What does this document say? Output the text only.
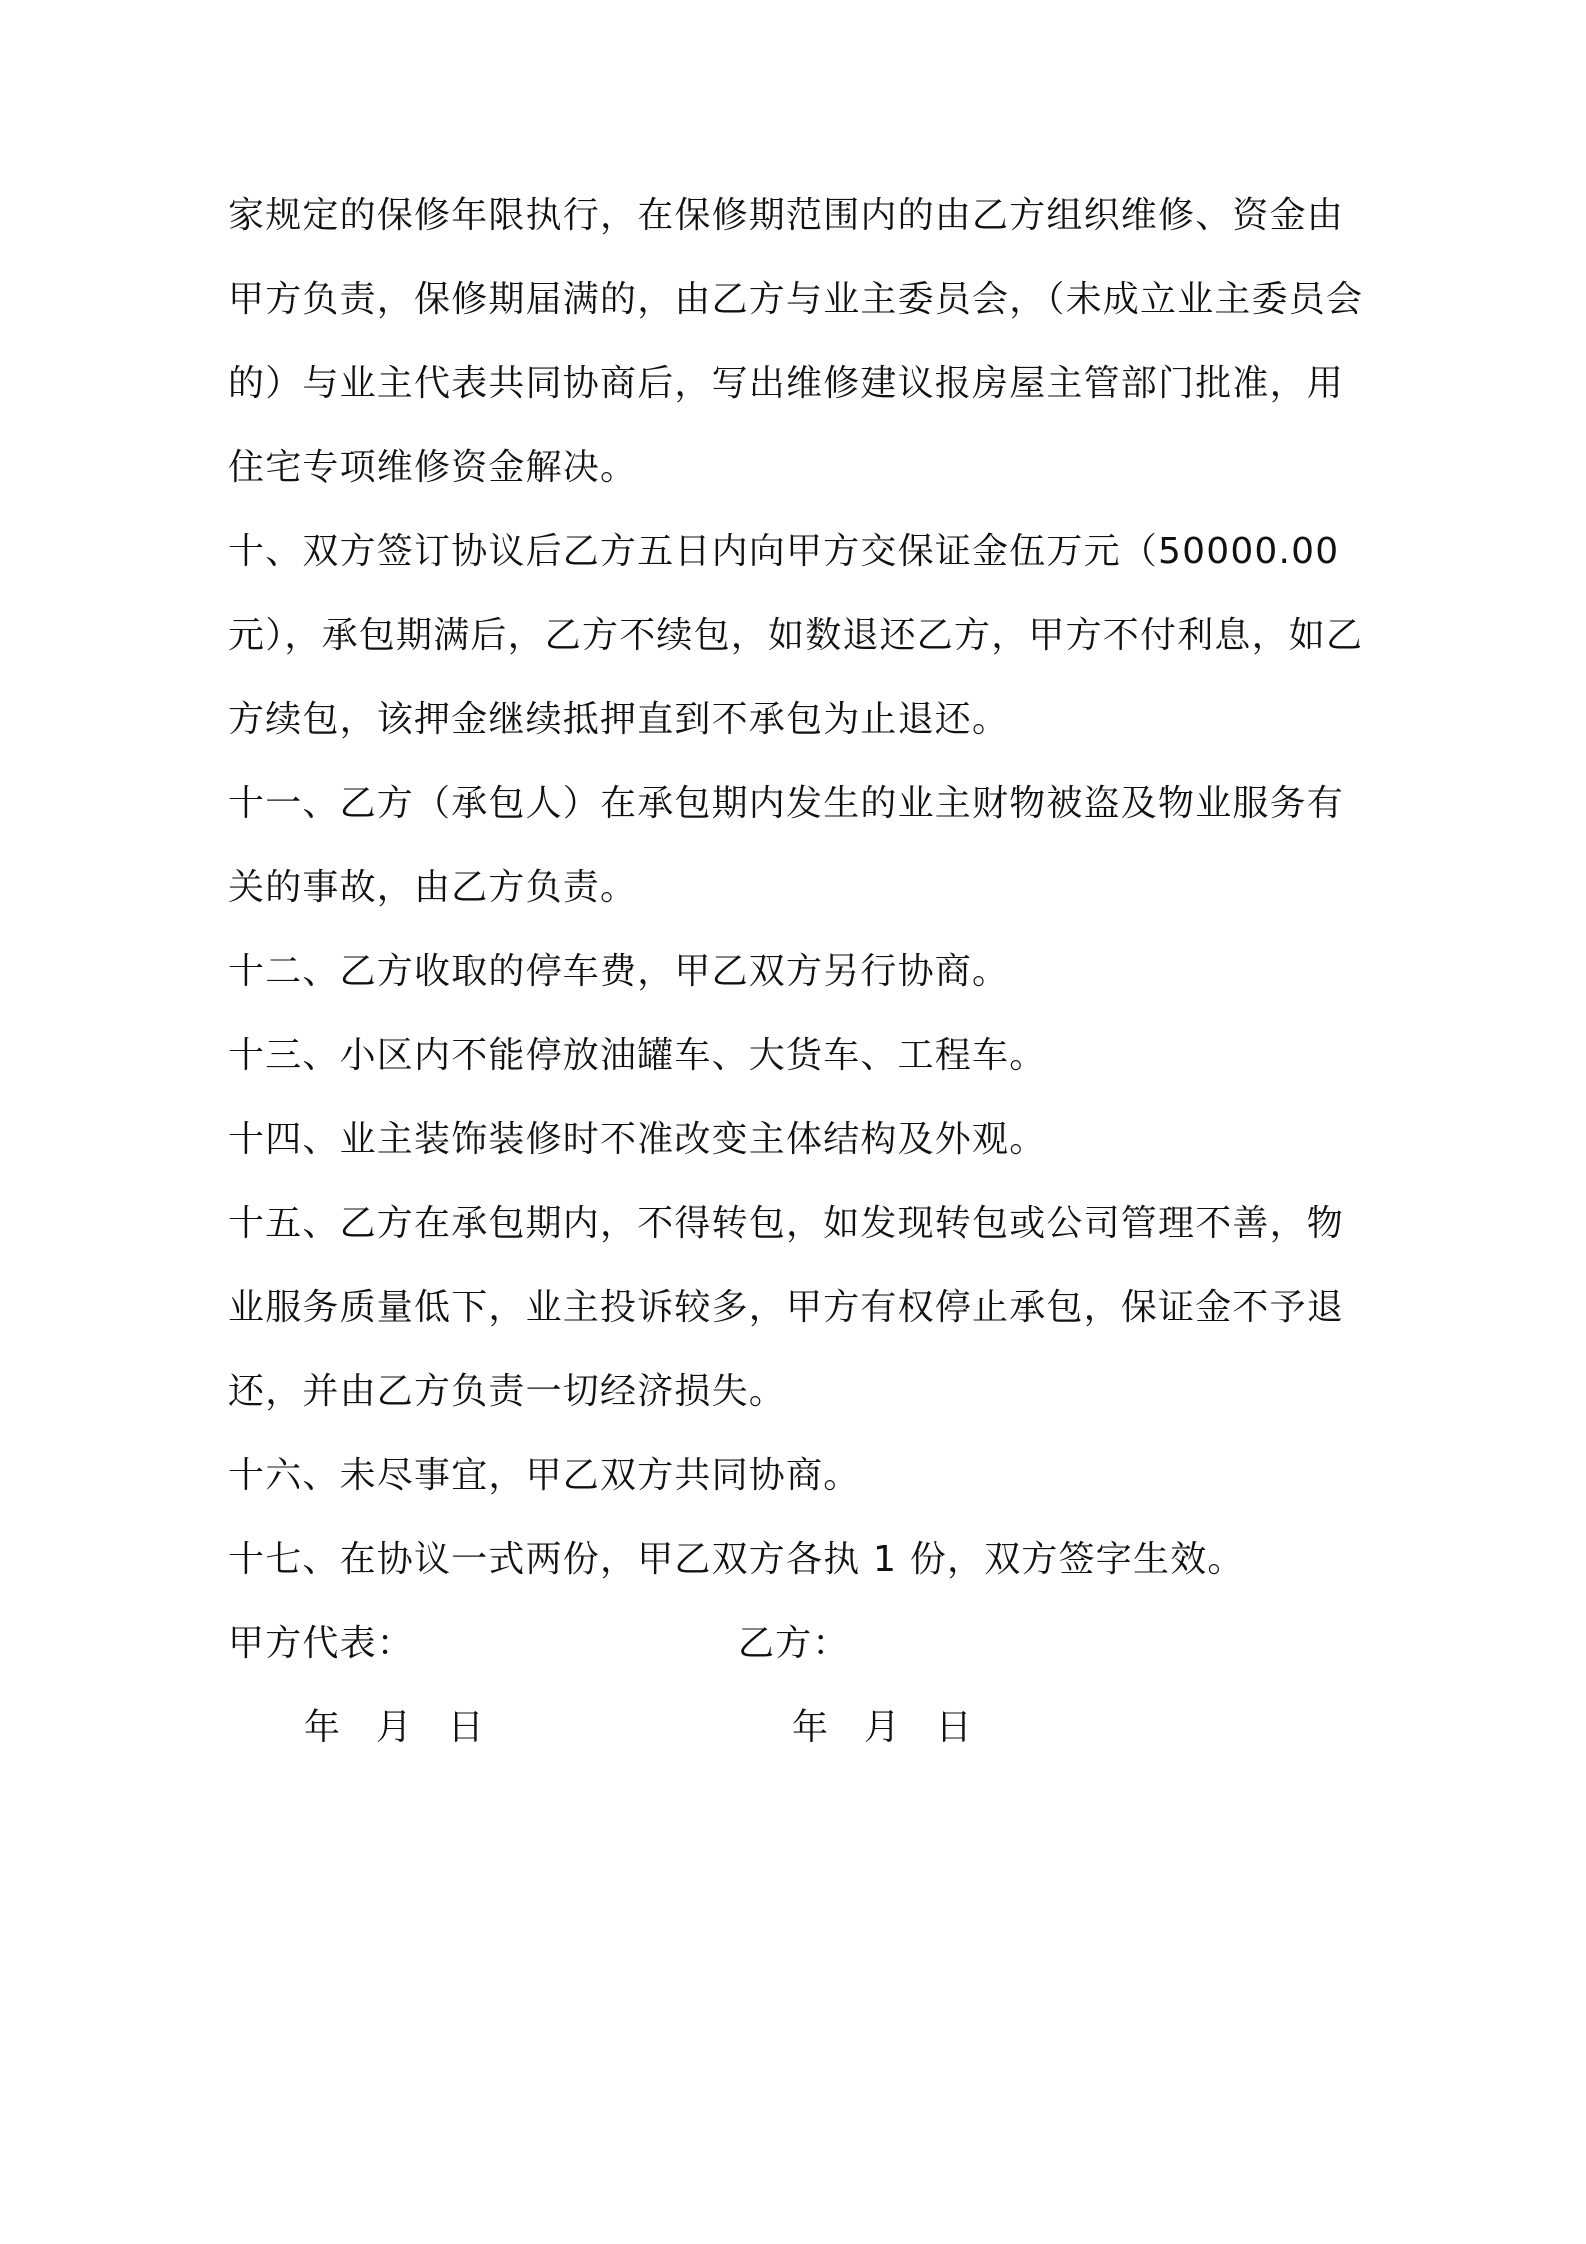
家规定的保修年限执行，在保修期范围内的由乙方组织维修、资金由
甲方负责，保修期届满的，由乙方与业主委员会，（未成立业主委员会
的）与业主代表共同协商后，写出维修建议报房屋主管部门批准，用
住宅专项维修资金解决。
十、双方签订协议后乙方五日内向甲方交保证金伍万元（50000.00
元），承包期满后，乙方不续包，如数退还乙方，甲方不付利息，如乙
方续包，该押金继续抵押直到不承包为止退还。
十一、乙方（承包人）在承包期内发生的业主财物被盗及物业服务有
关的事故，由乙方负责。
十二、乙方收取的停车费，甲乙双方另行协商。
十三、小区内不能停放油罐车、大货车、工程车。
十四、业主装饰装修时不准改变主体结构及外观。
十五、乙方在承包期内，不得转包，如发现转包或公司管理不善，物
业服务质量低下，业主投诉较多，甲方有权停止承包，保证金不予退
还，并由乙方负责一切经济损失。
十六、未尽事宜，甲乙双方共同协商。
十七、在协议一式两份，甲乙双方各执 1 份，双方签字生效。
甲方代表：	乙方：
年 月 日	年 月 日
